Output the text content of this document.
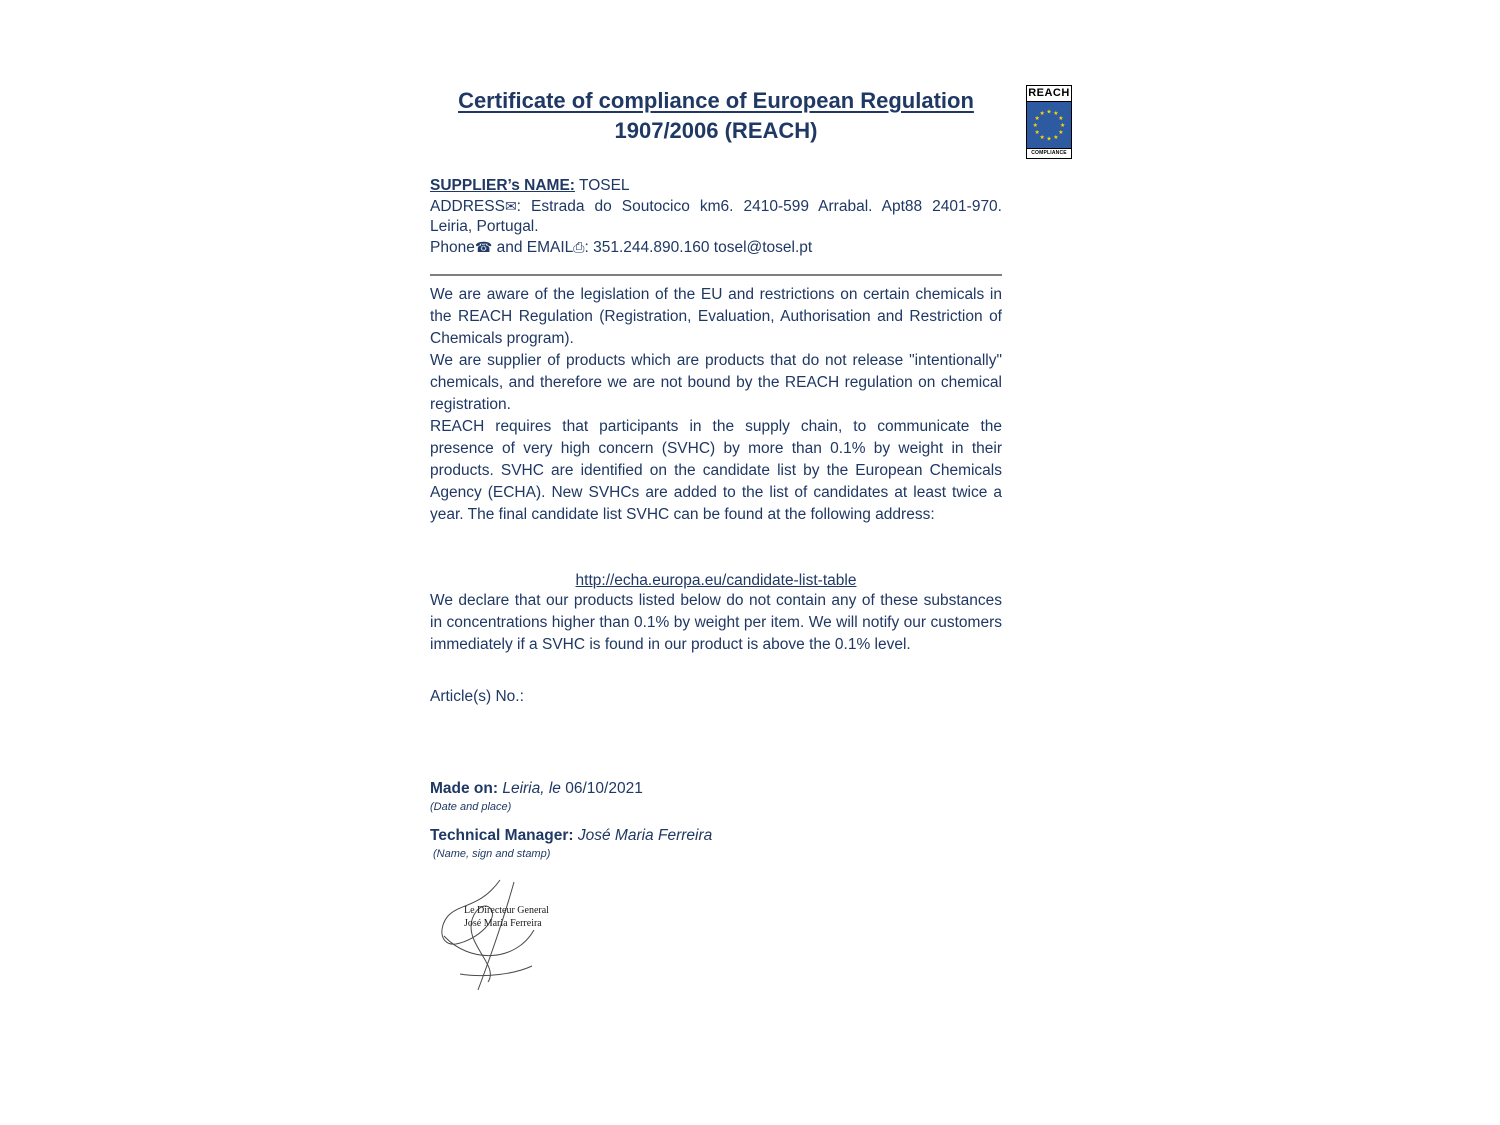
REACH
★ ★
★
★
★
★
★
★
★
★
★
★
COMPLIANCE
Certificate of compliance of European Regulation
1907/2006 (REACH)
SUPPLIER’s NAME: TOSEL
ADDRESS✉: Estrada do Soutocico km6. 2410-599 Arrabal. Apt88 2401-970. Leiria, Portugal.
Phone☎ and EMAIL⎙: 351.244.890.160 tosel@tosel.pt

We are aware of the legislation of the EU and restrictions on certain chemicals in the REACH Regulation (Registration, Evaluation, Authorisation and Restriction of Chemicals program).

We are supplier of products which are products that do not release "intentionally" chemicals, and therefore we are not bound by the REACH regulation on chemical registration.

REACH requires that participants in the supply chain, to communicate the presence of very high concern (SVHC) by more than 0.1% by weight in their products. SVHC are identified on the candidate list by the European Chemicals Agency (ECHA). New SVHCs are added to the list of candidates at least twice a year. The final candidate list SVHC can be found at the following address:

http://echa.europa.eu/candidate-list-table

We declare that our products listed below do not contain any of these substances in concentrations higher than 0.1% by weight per item. We will notify our customers immediately if a SVHC is found in our product is above the 0.1% level.

Article(s) No.:
Made on: Leiria, le 06/10/2021
(Date and place)
Technical Manager: José Maria Ferreira
(Name, sign and stamp)
Le Directeur General
José Maria Ferreira
